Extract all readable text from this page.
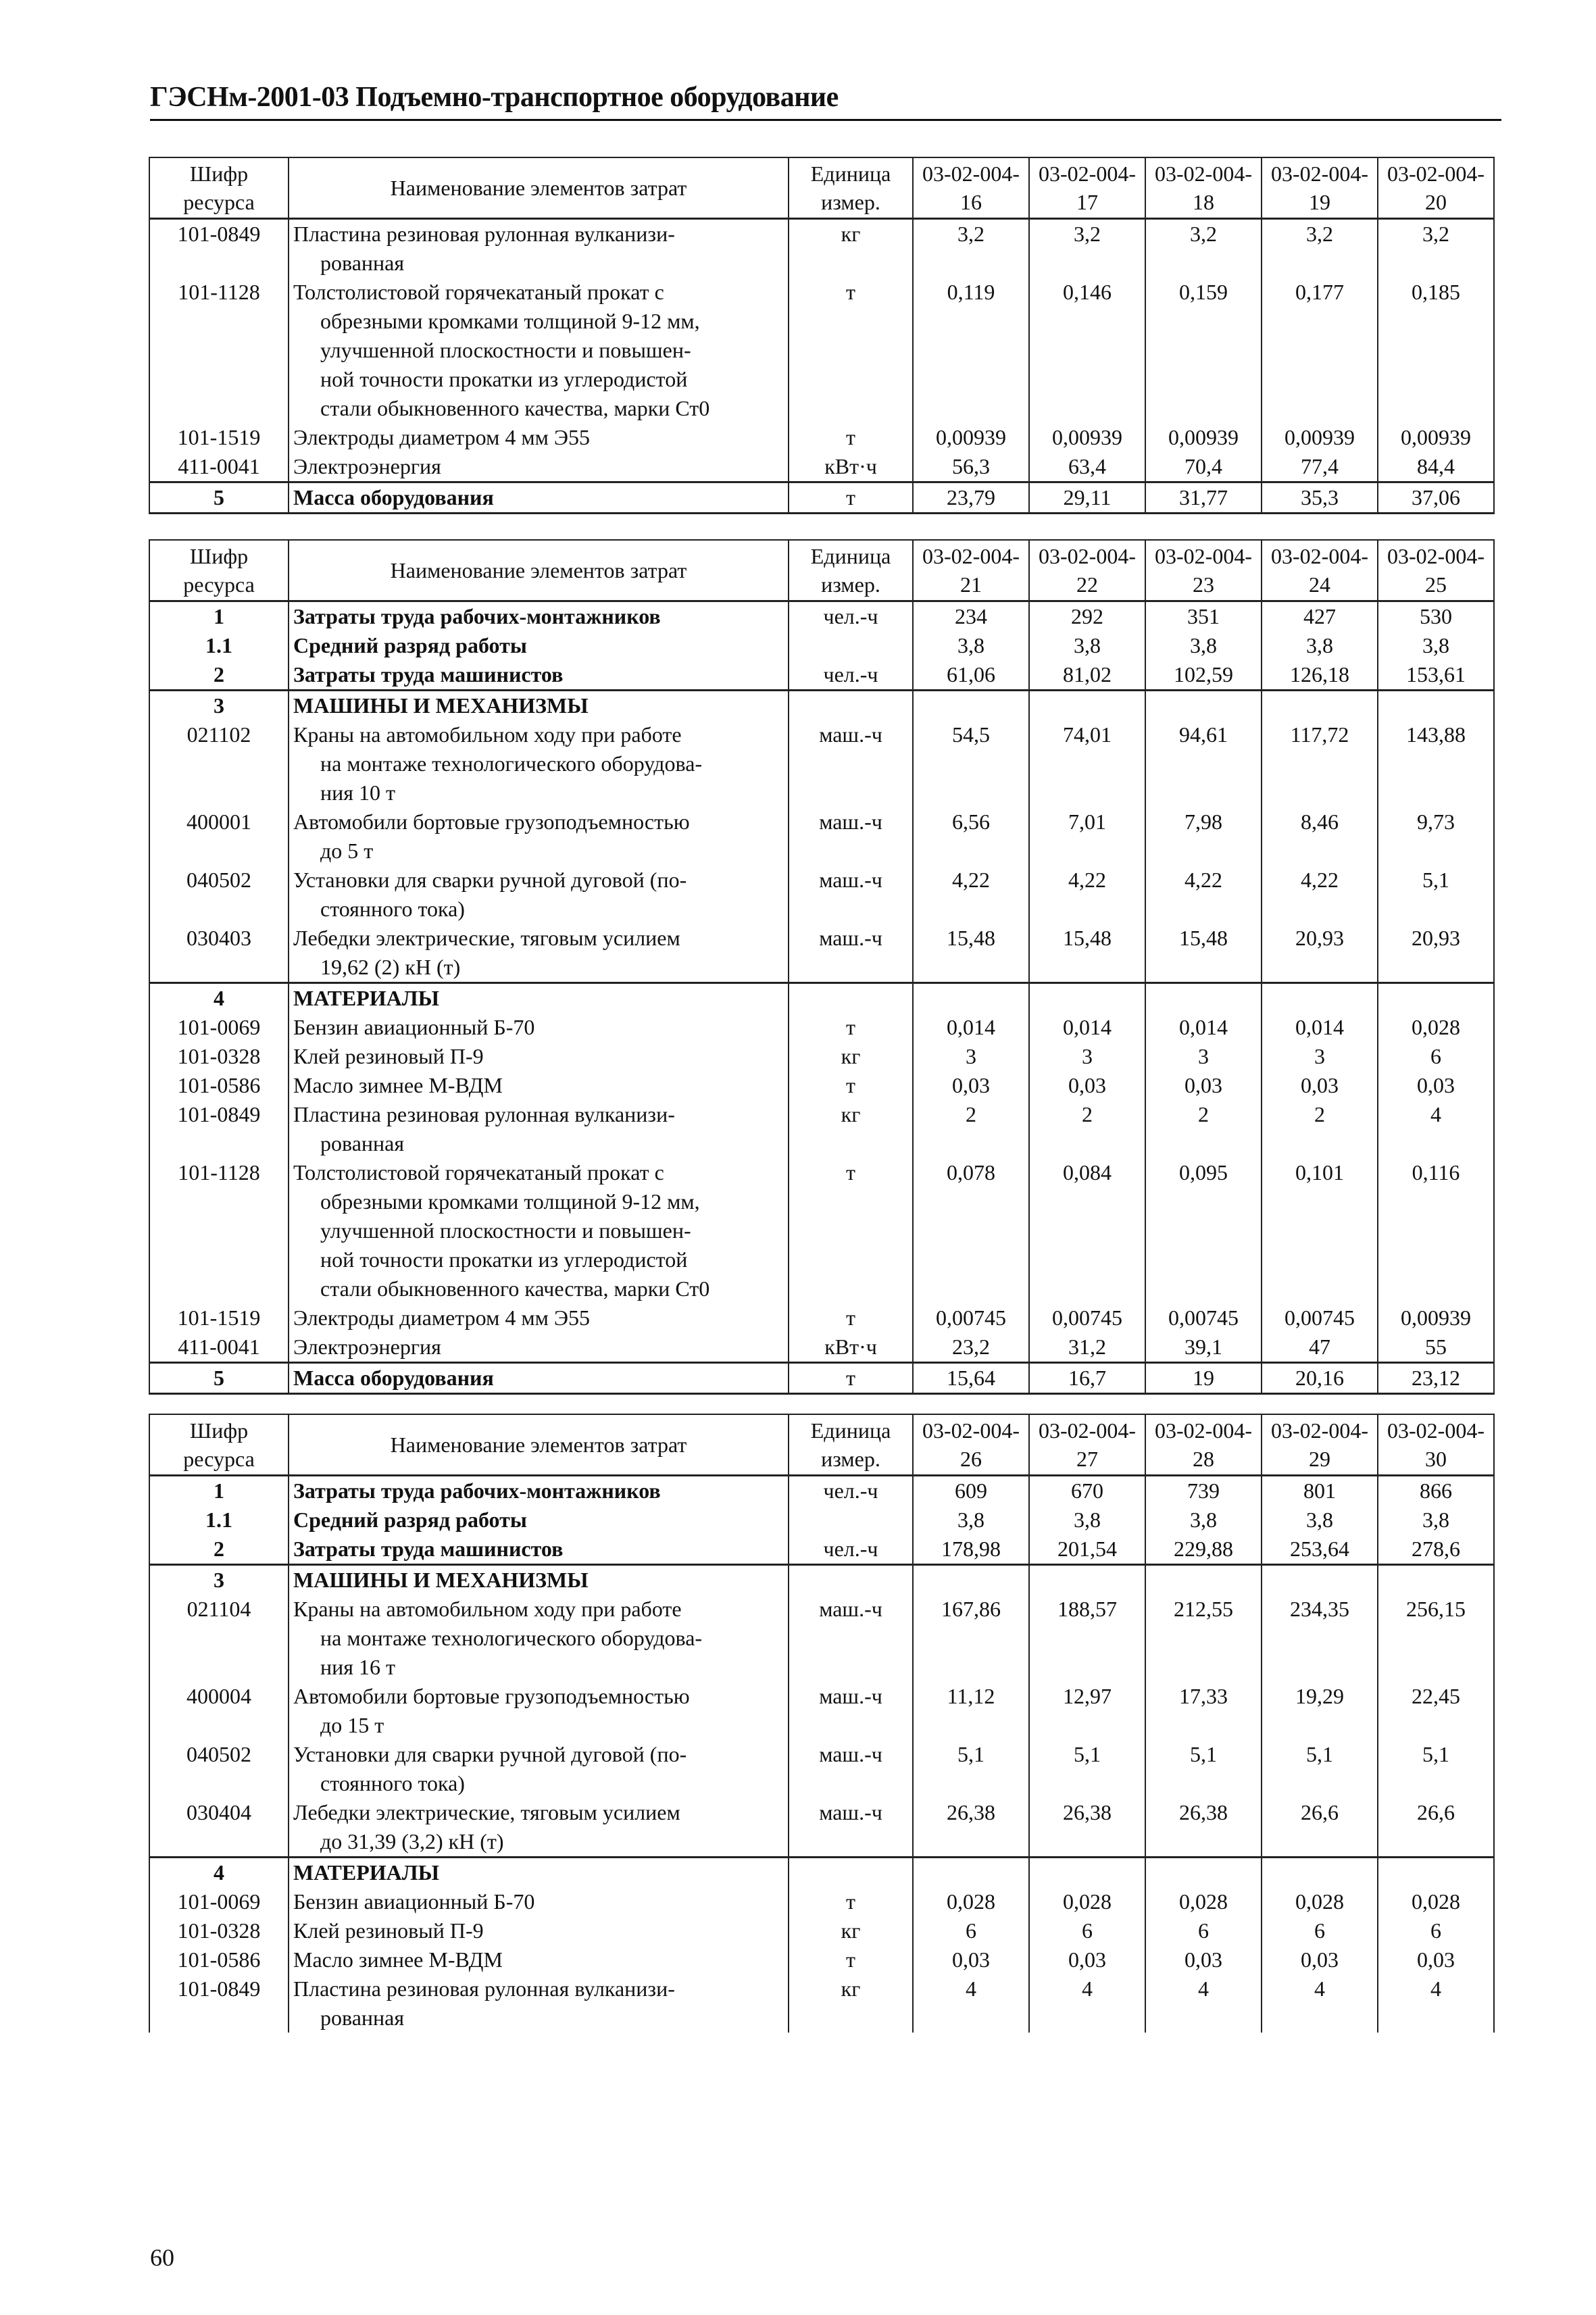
ГЭСНм-2001-03 Подъемно-транспортное оборудование
Шифр ресурса	Наименование элементов затрат	Единица измер.	03-02-004-16	03-02-004-17	03-02-004-18	03-02-004-19	03-02-004-20
101-0849	Пластина резиновая рулонная вулканизи-
рованная	кг	3,2	3,2	3,2	3,2	3,2
101-1128	Толстолистовой горячекатаный прокат с
обрезными кромками толщиной 9-12 мм,
улучшенной плоскостности и повышен-
ной точности прокатки из углеродистой
стали обыкновенного качества, марки Ст0	т	0,119	0,146	0,159	0,177	0,185
101-1519	Электроды диаметром 4 мм Э55	т	0,00939	0,00939	0,00939	0,00939	0,00939
411-0041	Электроэнергия	кВт·ч	56,3	63,4	70,4	77,4	84,4
5	Масса оборудования	т	23,79	29,11	31,77	35,3	37,06
Шифр ресурса	Наименование элементов затрат	Единица измер.	03-02-004-21	03-02-004-22	03-02-004-23	03-02-004-24	03-02-004-25
1	Затраты труда рабочих-монтажников	чел.-ч	234	292	351	427	530
1.1	Средний разряд работы		3,8	3,8	3,8	3,8	3,8
2	Затраты труда машинистов	чел.-ч	61,06	81,02	102,59	126,18	153,61
3	МАШИНЫ И МЕХАНИЗМЫ						

021102	Краны на автомобильном ходу при работе
на монтаже технологического оборудова-
ния 10 т	маш.-ч	54,5	74,01	94,61	117,72	143,88
400001	Автомобили бортовые грузоподъемностью
до 5 т	маш.-ч	6,56	7,01	7,98	8,46	9,73
040502	Установки для сварки ручной дуговой (по-
стоянного тока)	маш.-ч	4,22	4,22	4,22	4,22	5,1
030403	Лебедки электрические, тяговым усилием
19,62 (2) кН (т)	маш.-ч	15,48	15,48	15,48	20,93	20,93
4	МАТЕРИАЛЫ						

101-0069	Бензин авиационный Б-70	т	0,014	0,014	0,014	0,014	0,028
101-0328	Клей резиновый П-9	кг	3	3	3	3	6
101-0586	Масло зимнее М-ВДМ	т	0,03	0,03	0,03	0,03	0,03
101-0849	Пластина резиновая рулонная вулканизи-
рованная	кг	2	2	2	2	4
101-1128	Толстолистовой горячекатаный прокат с
обрезными кромками толщиной 9-12 мм,
улучшенной плоскостности и повышен-
ной точности прокатки из углеродистой
стали обыкновенного качества, марки Ст0	т	0,078	0,084	0,095	0,101	0,116
101-1519	Электроды диаметром 4 мм Э55	т	0,00745	0,00745	0,00745	0,00745	0,00939
411-0041	Электроэнергия	кВт·ч	23,2	31,2	39,1	47	55
5	Масса оборудования	т	15,64	16,7	19	20,16	23,12
Шифр ресурса	Наименование элементов затрат	Единица измер.	03-02-004-26	03-02-004-27	03-02-004-28	03-02-004-29	03-02-004-30
1	Затраты труда рабочих-монтажников	чел.-ч	609	670	739	801	866
1.1	Средний разряд работы		3,8	3,8	3,8	3,8	3,8
2	Затраты труда машинистов	чел.-ч	178,98	201,54	229,88	253,64	278,6
3	МАШИНЫ И МЕХАНИЗМЫ						

021104	Краны на автомобильном ходу при работе
на монтаже технологического оборудова-
ния 16 т	маш.-ч	167,86	188,57	212,55	234,35	256,15
400004	Автомобили бортовые грузоподъемностью
до 15 т	маш.-ч	11,12	12,97	17,33	19,29	22,45
040502	Установки для сварки ручной дуговой (по-
стоянного тока)	маш.-ч	5,1	5,1	5,1	5,1	5,1
030404	Лебедки электрические, тяговым усилием
до 31,39 (3,2) кН (т)	маш.-ч	26,38	26,38	26,38	26,6	26,6
4	МАТЕРИАЛЫ						

101-0069	Бензин авиационный Б-70	т	0,028	0,028	0,028	0,028	0,028
101-0328	Клей резиновый П-9	кг	6	6	6	6	6
101-0586	Масло зимнее М-ВДМ	т	0,03	0,03	0,03	0,03	0,03
101-0849	Пластина резиновая рулонная вулканизи-
рованная	кг	4	4	4	4	4
60
